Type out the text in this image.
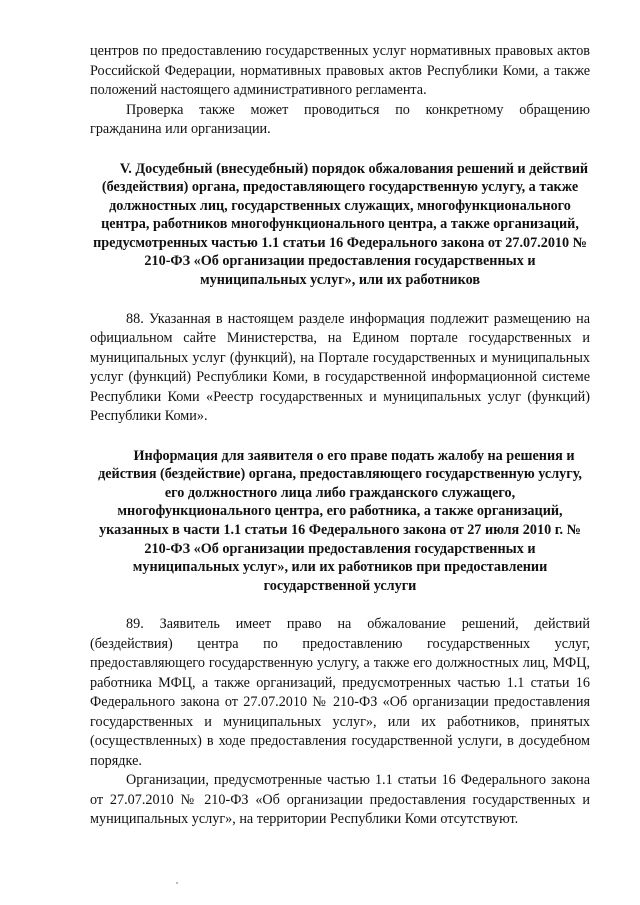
центров по предоставлению государственных услуг нормативных правовых актов Российской Федерации, нормативных правовых актов Республики Коми, а также положений настоящего административного регламента.

Проверка также может проводиться по конкретному обращению гражданина или организации.

V. Досудебный (внесудебный) порядок обжалования решений и действий (бездействия) органа, предоставляющего государственную услугу, а также должностных лиц, государственных служащих, многофункционального центра, работников многофункционального центра, а также организаций, предусмотренных частью 1.1 статьи 16 Федерального закона от 27.07.2010 № 210-ФЗ «Об организации предоставления государственных и муниципальных услуг», или их работников

88. Указанная в настоящем разделе информация подлежит размещению на официальном сайте Министерства, на Едином портале государственных и муниципальных услуг (функций), на Портале государственных и муниципальных услуг (функций) Республики Коми, в государственной информационной системе Республики Коми «Реестр государственных и муниципальных услуг (функций) Республики Коми».

Информация для заявителя о его праве подать жалобу на решения и действия (бездействие) органа, предоставляющего государственную услугу, его должностного лица либо гражданского служащего, многофункционального центра, его работника, а также организаций, указанных в части 1.1 статьи 16 Федерального закона от 27 июля 2010 г. № 210-ФЗ «Об организации предоставления государственных и муниципальных услуг», или их работников при предоставлении государственной услуги

89. Заявитель имеет право на обжалование решений, действий (бездействия) центра по предоставлению государственных услуг, предоставляющего государственную услугу, а также его должностных лиц, МФЦ, работника МФЦ, а также организаций, предусмотренных частью 1.1 статьи 16 Федерального закона от 27.07.2010 № 210-ФЗ «Об организации предоставления государственных и муниципальных услуг», или их работников, принятых (осуществленных) в ходе предоставления государственной услуги, в досудебном порядке.

Организации, предусмотренные частью 1.1 статьи 16 Федерального закона от 27.07.2010 № 210-ФЗ «Об организации предоставления государственных и муниципальных услуг», на территории Республики Коми отсутствуют.
